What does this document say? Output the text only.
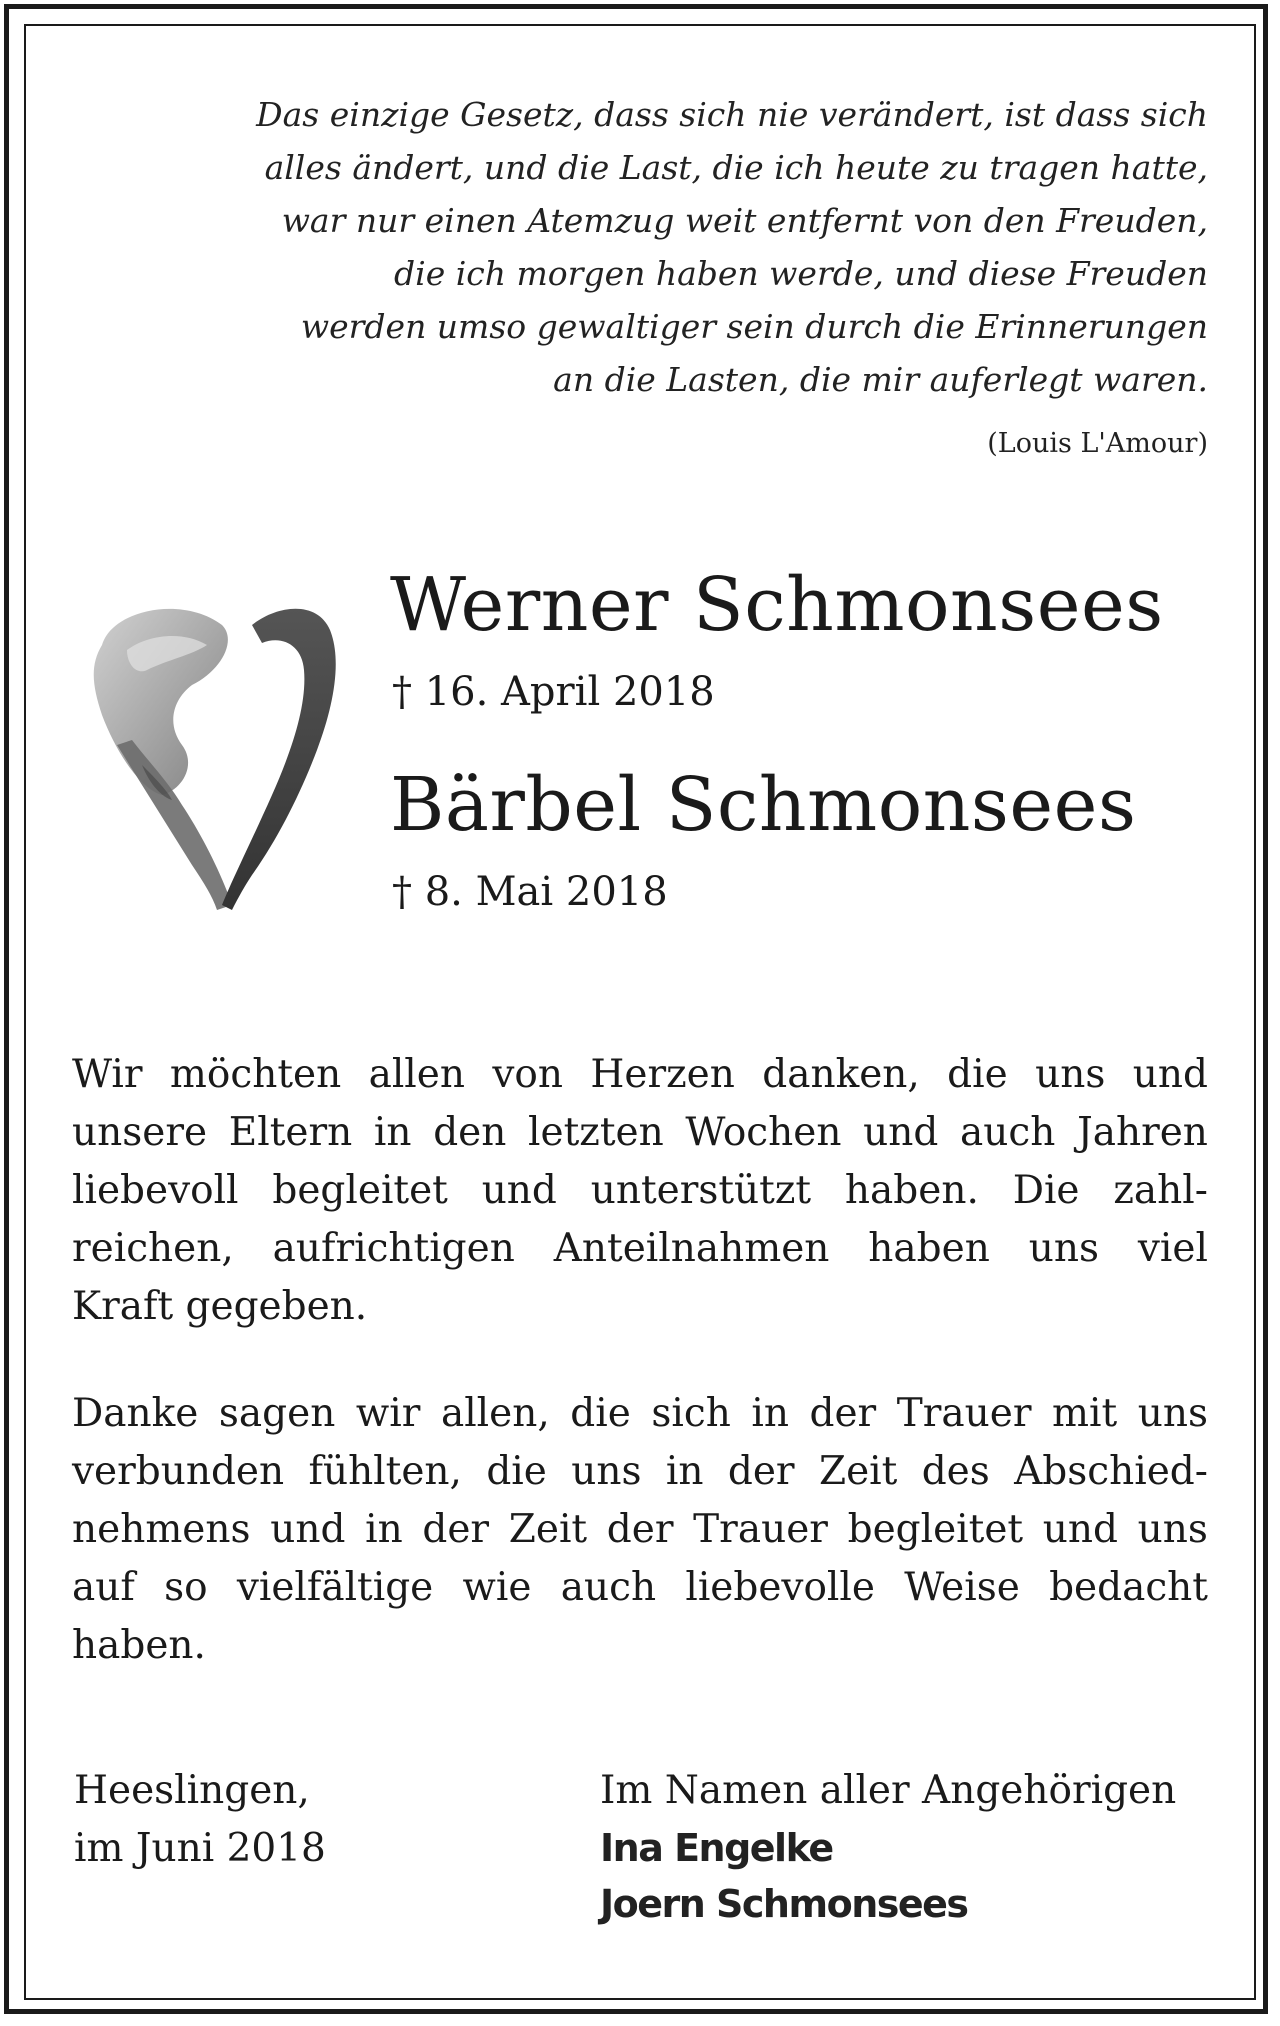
Das einzige Gesetz, dass sich nie verändert, ist dass sich
alles ändert, und die Last, die ich heute zu tragen hatte,
war nur einen Atemzug weit entfernt von den Freuden,
die ich morgen haben werde, und diese Freuden
werden umso gewaltiger sein durch die Erinnerungen
an die Lasten, die mir auferlegt waren.
(Louis L'Amour)
Werner Schmonsees
† 16. April 2018
Bärbel Schmonsees
† 8. Mai 2018
Wir möchten allen von Herzen danken, die uns und
unsere Eltern in den letzten Wochen und auch Jahren
liebevoll begleitet und unterstützt haben. Die zahl-
reichen, aufrichtigen Anteilnahmen haben uns viel
Kraft gegeben.
Danke sagen wir allen, die sich in der Trauer mit uns
verbunden fühlten, die uns in der Zeit des Abschied-
nehmens und in der Zeit der Trauer begleitet und uns
auf so vielfältige wie auch liebevolle Weise bedacht
haben.
Heeslingen,
im Juni 2018
Im Namen aller Angehörigen
Ina Engelke
Joern Schmonsees
